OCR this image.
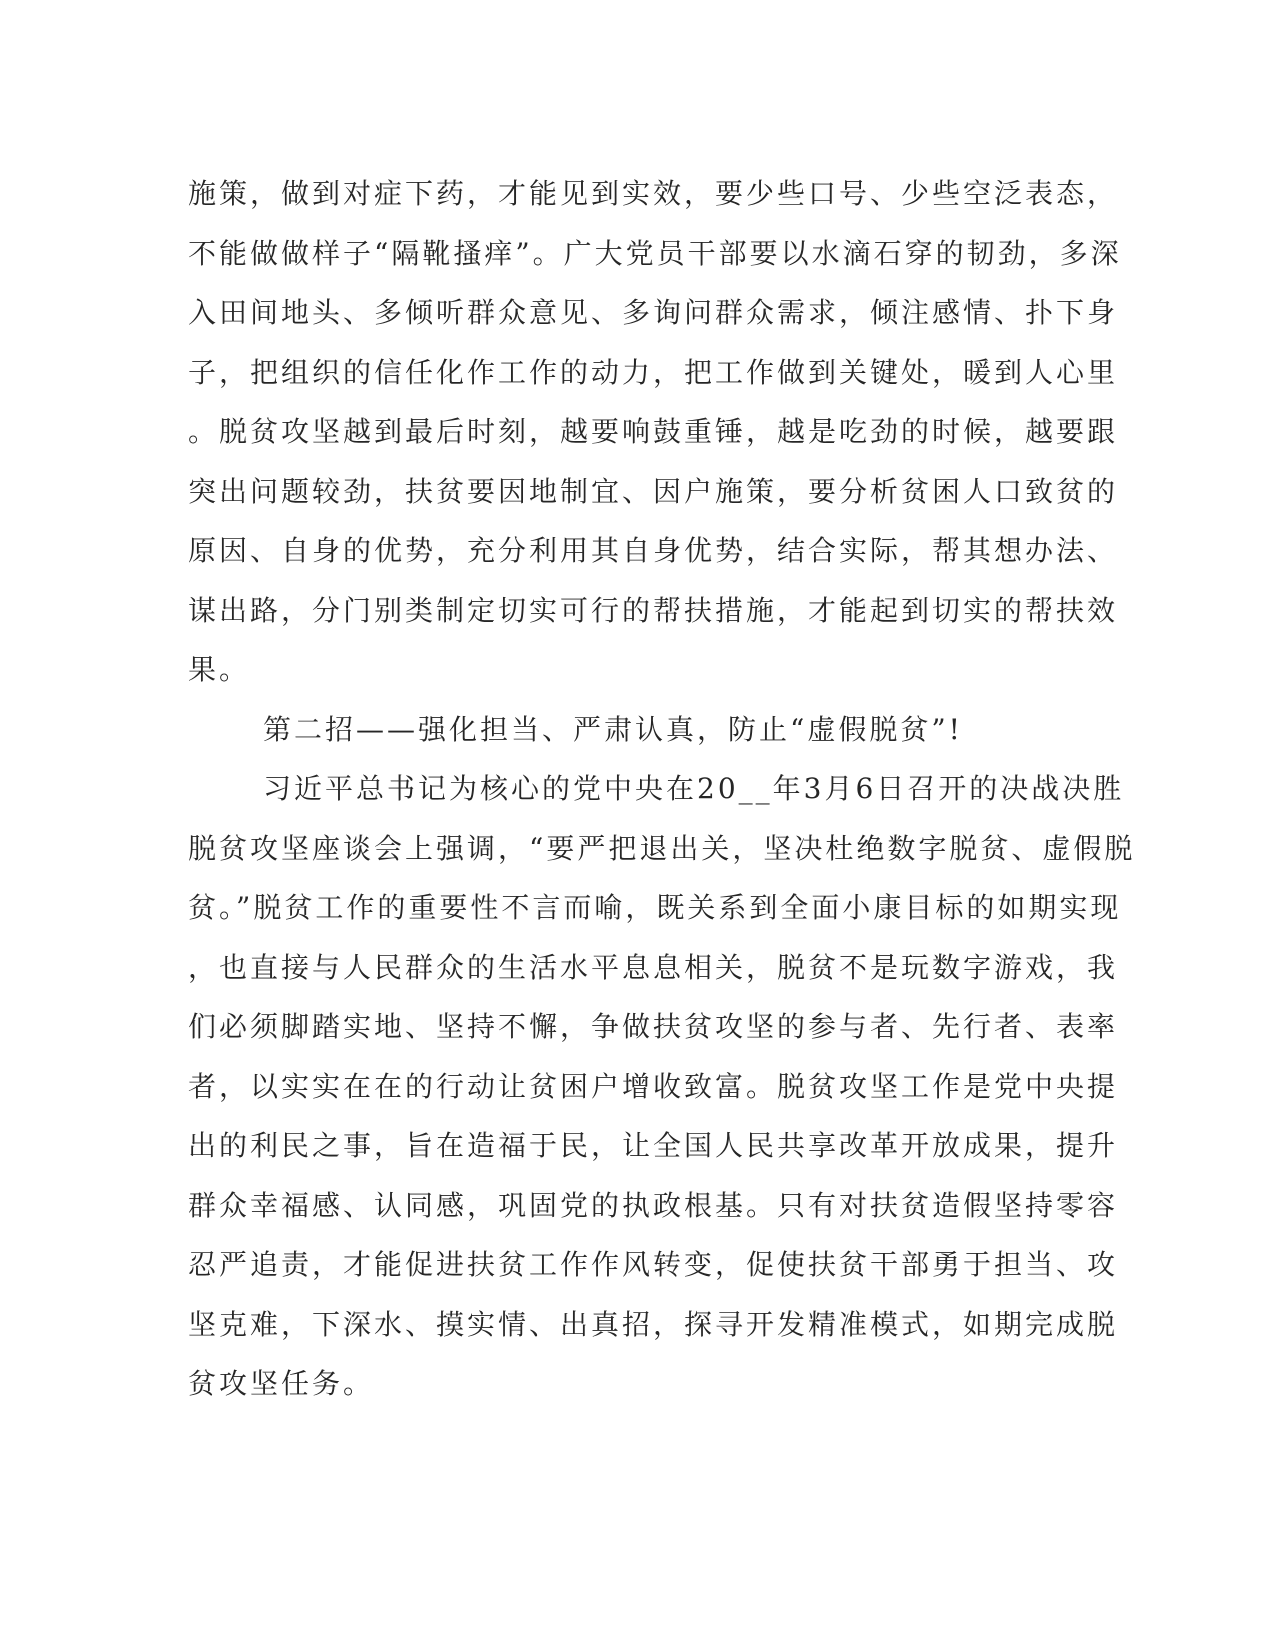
施策，做到对症下药，才能见到实效，要少些口号、少些空泛表态，
不能做做样子“隔靴搔痒”。广大党员干部要以水滴石穿的韧劲，多深
入田间地头、多倾听群众意见、多询问群众需求，倾注感情、扑下身
子，把组织的信任化作工作的动力，把工作做到关键处，暖到人心里
。脱贫攻坚越到最后时刻，越要响鼓重锤，越是吃劲的时候，越要跟
突出问题较劲，扶贫要因地制宜、因户施策，要分析贫困人口致贫的
原因、自身的优势，充分利用其自身优势，结合实际，帮其想办法、
谋出路，分门别类制定切实可行的帮扶措施，才能起到切实的帮扶效
果。
第二招——强化担当、严肃认真，防止“虚假脱贫”!
习近平总书记为核心的党中央在20__年3月6日召开的决战决胜
脱贫攻坚座谈会上强调，“要严把退出关，坚决杜绝数字脱贫、虚假脱
贫。”脱贫工作的重要性不言而喻，既关系到全面小康目标的如期实现
，也直接与人民群众的生活水平息息相关，脱贫不是玩数字游戏，我
们必须脚踏实地、坚持不懈，争做扶贫攻坚的参与者、先行者、表率
者，以实实在在的行动让贫困户增收致富。脱贫攻坚工作是党中央提
出的利民之事，旨在造福于民，让全国人民共享改革开放成果，提升
群众幸福感、认同感，巩固党的执政根基。只有对扶贫造假坚持零容
忍严追责，才能促进扶贫工作作风转变，促使扶贫干部勇于担当、攻
坚克难，下深水、摸实情、出真招，探寻开发精准模式，如期完成脱
贫攻坚任务。
